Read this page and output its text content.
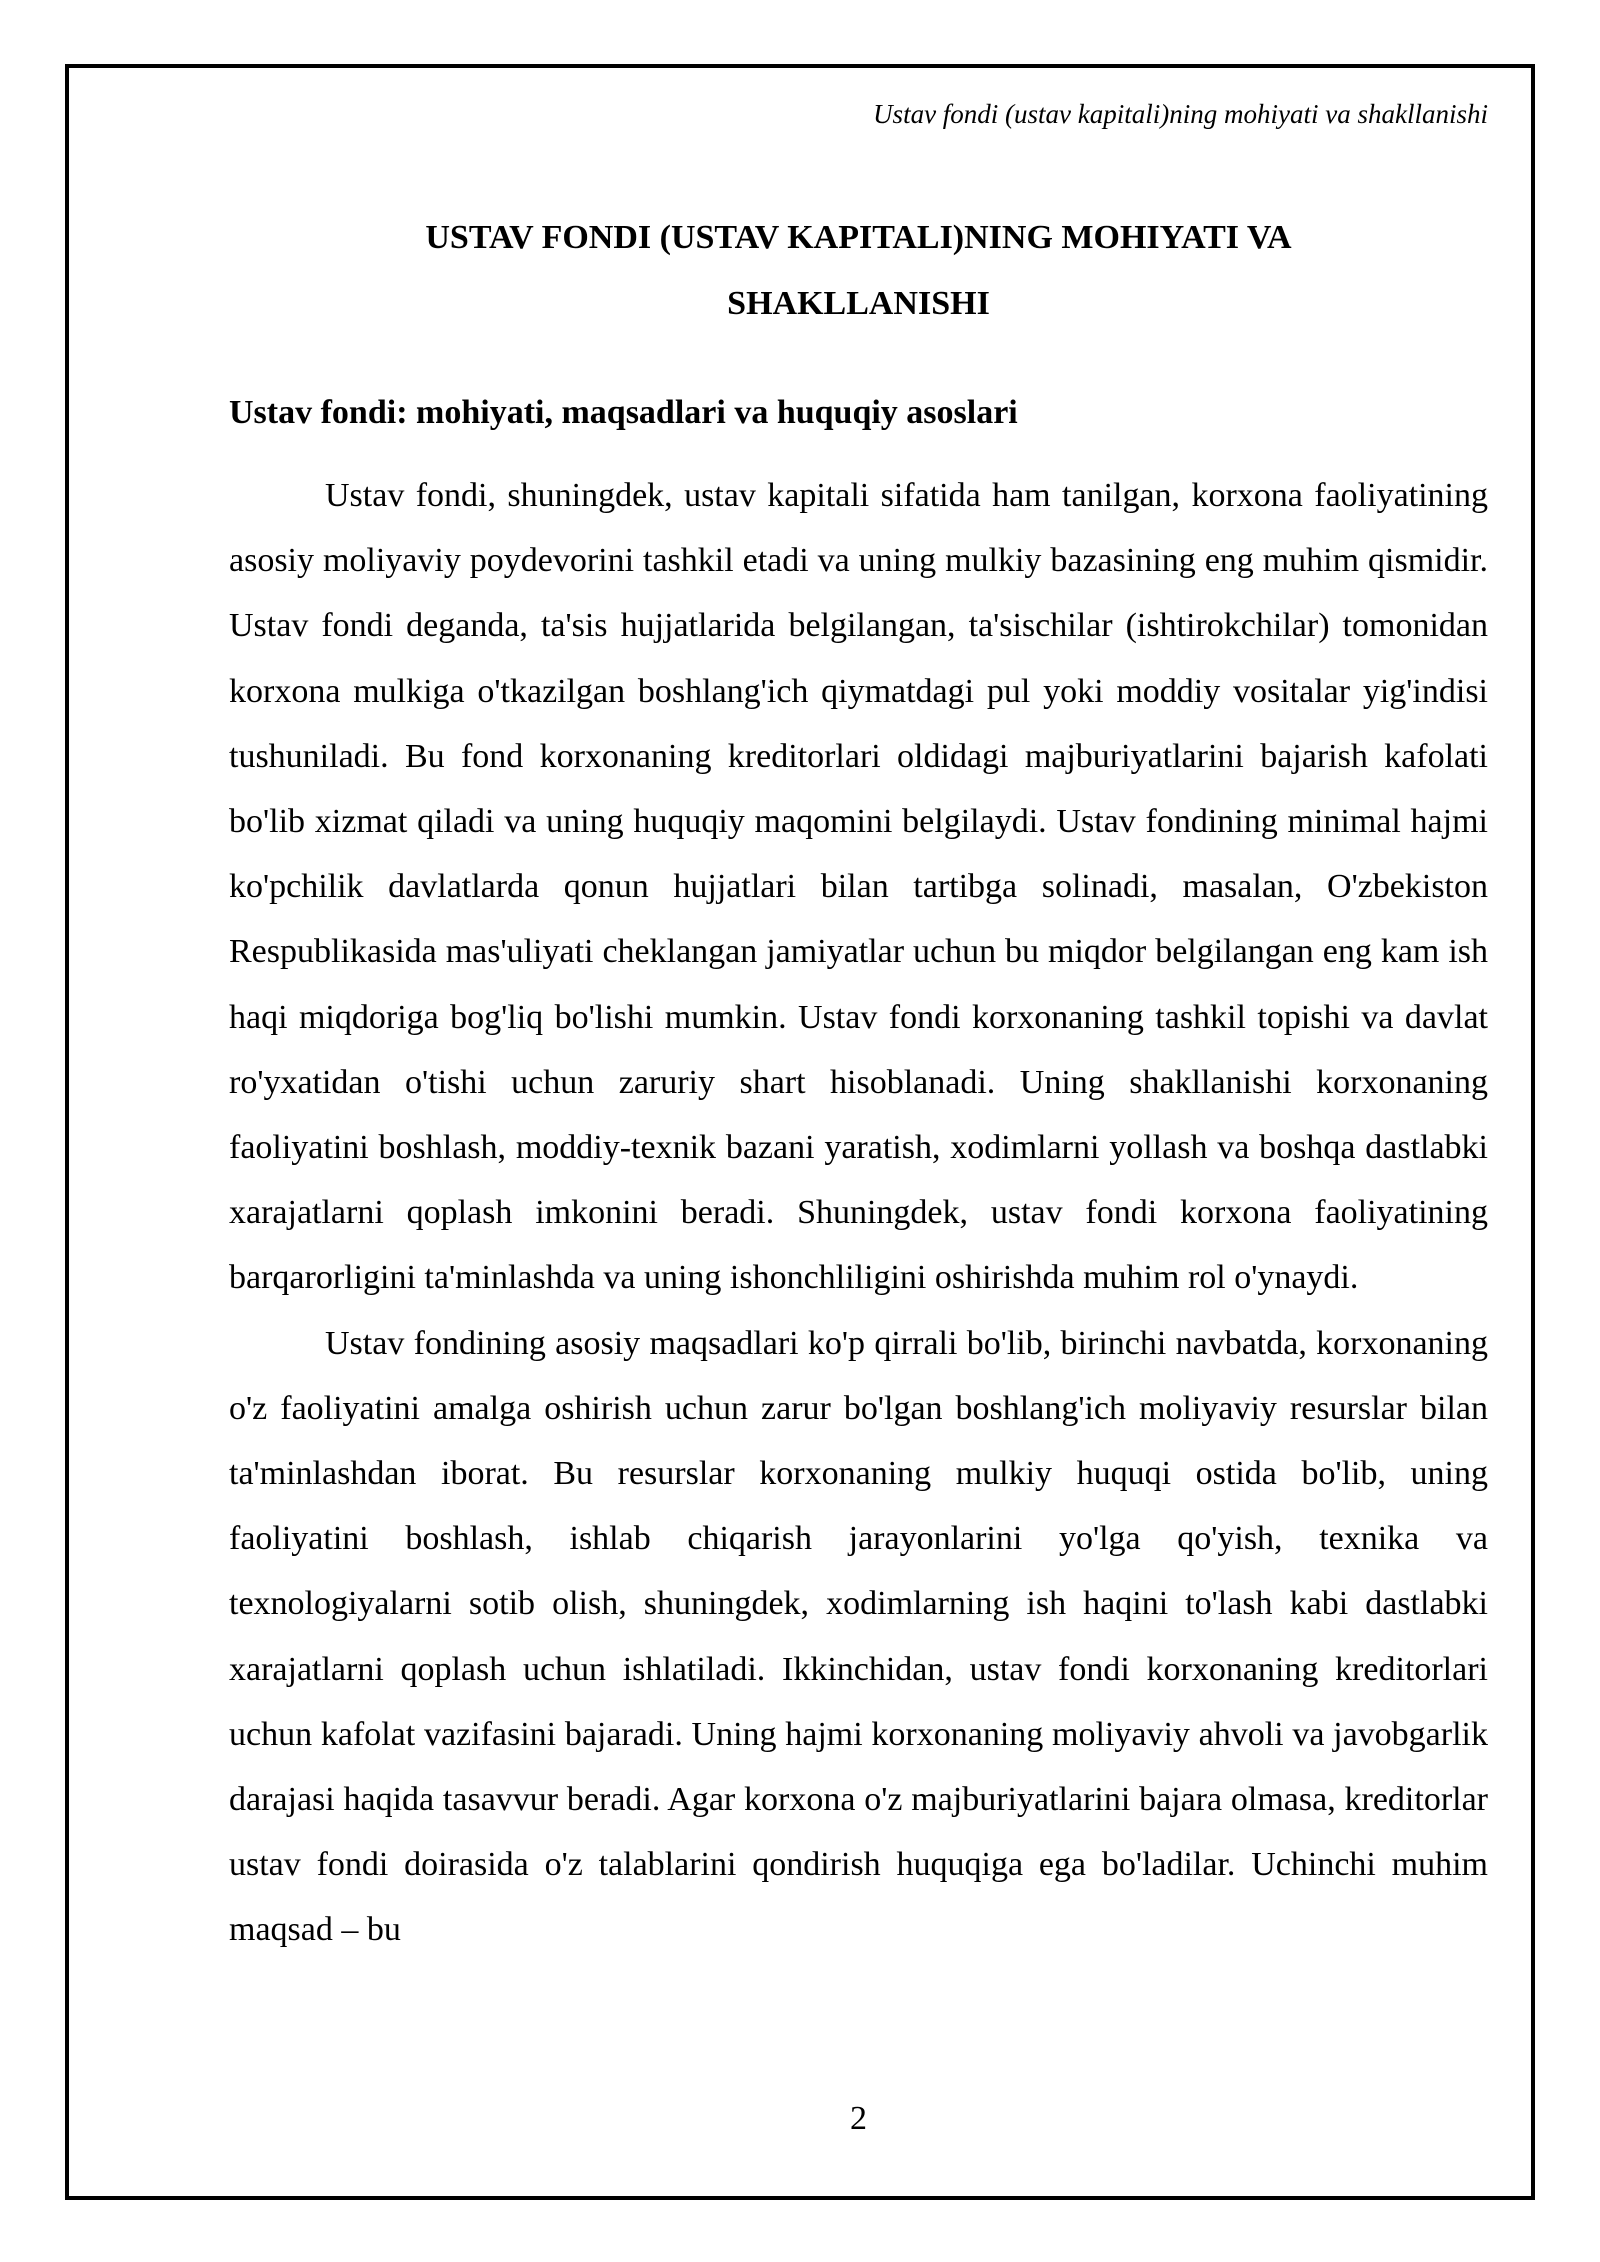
Ustav fondi (ustav kapitali)ning mohiyati va shakllanishi
USTAV FONDI (USTAV KAPITALI)NING MOHIYATI VA
SHAKLLANISHI
Ustav fondi: mohiyati, maqsadlari va huquqiy asoslari

Ustav fondi, shuningdek, ustav kapitali sifatida ham tanilgan, korxona faoliyatining asosiy moliyaviy poydevorini tashkil etadi va uning mulkiy bazasining eng muhim qismidir. Ustav fondi deganda, ta'sis hujjatlarida belgilangan, ta'sischilar (ishtirokchilar) tomonidan korxona mulkiga o'tkazilgan boshlang'ich qiymatdagi pul yoki moddiy vositalar yig'indisi tushuniladi. Bu fond korxonaning kreditorlari oldidagi majburiyatlarini bajarish kafolati bo'lib xizmat qiladi va uning huquqiy maqomini belgilaydi. Ustav fondining minimal hajmi ko'pchilik davlatlarda qonun hujjatlari bilan tartibga solinadi, masalan, O'zbekiston Respublikasida mas'uliyati cheklangan jamiyatlar uchun bu miqdor belgilangan eng kam ish haqi miqdoriga bog'liq bo'lishi mumkin. Ustav fondi korxonaning tashkil topishi va davlat ro'yxatidan o'tishi uchun zaruriy shart hisoblanadi. Uning shakllanishi korxonaning faoliyatini boshlash, moddiy-texnik bazani yaratish, xodimlarni yollash va boshqa dastlabki xarajatlarni qoplash imkonini beradi. Shuningdek, ustav fondi korxona faoliyatining barqarorligini ta'minlashda va uning ishonchliligini oshirishda muhim rol o'ynaydi.

Ustav fondining asosiy maqsadlari ko'p qirrali bo'lib, birinchi navbatda, korxonaning o'z faoliyatini amalga oshirish uchun zarur bo'lgan boshlang'ich moliyaviy resurslar bilan ta'minlashdan iborat. Bu resurslar korxonaning mulkiy huquqi ostida bo'lib, uning faoliyatini boshlash, ishlab chiqarish jarayonlarini yo'lga qo'yish, texnika va texnologiyalarni sotib olish, shuningdek, xodimlarning ish haqini to'lash kabi dastlabki xarajatlarni qoplash uchun ishlatiladi. Ikkinchidan, ustav fondi korxonaning kreditorlari uchun kafolat vazifasini bajaradi. Uning hajmi korxonaning moliyaviy ahvoli va javobgarlik darajasi haqida tasavvur beradi. Agar korxona o'z majburiyatlarini bajara olmasa, kreditorlar ustav fondi doirasida o'z talablarini qondirish huquqiga ega bo'ladilar. Uchinchi muhim maqsad – bu

2
